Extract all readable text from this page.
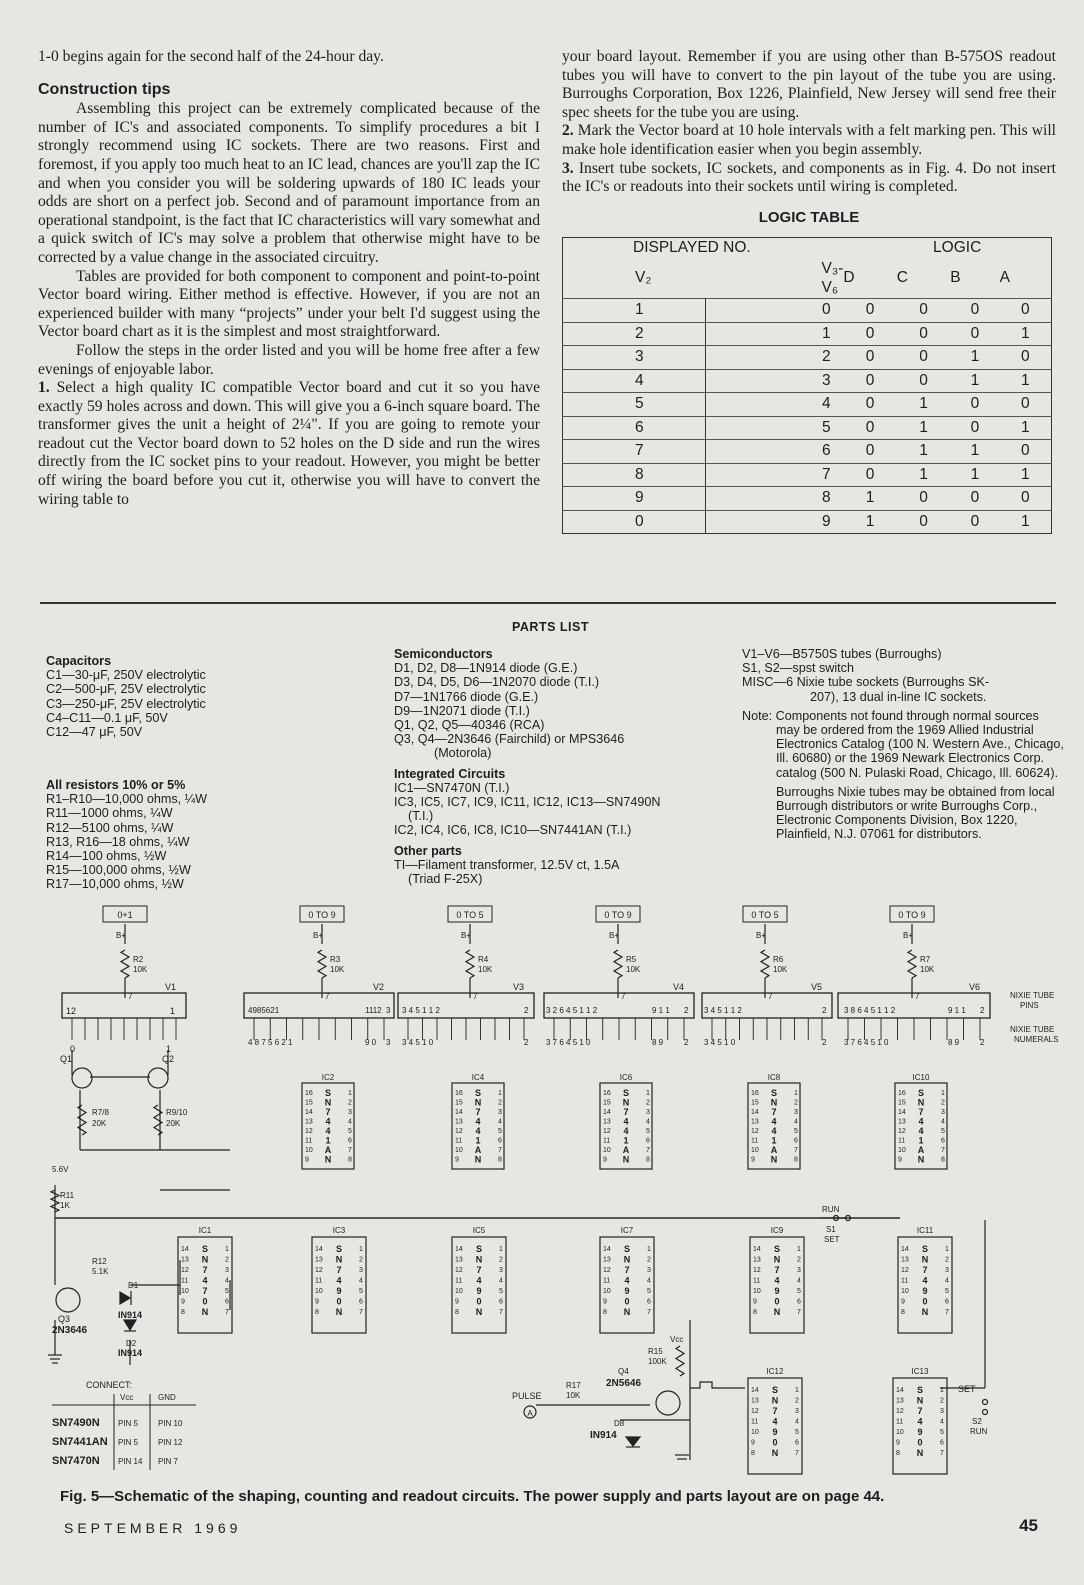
1-0 begins again for the second half of the 24-hour day.

Construction tips

Assembling this project can be extremely complicated because of the number of IC's and associated components. To simplify procedures a bit I strongly recommend using IC sockets. There are two reasons. First and foremost, if you apply too much heat to an IC lead, chances are you'll zap the IC and when you consider you will be soldering upwards of 180 IC leads your odds are short on a perfect job. Second and of paramount importance from an operational standpoint, is the fact that IC characteristics will vary somewhat and a quick switch of IC's may solve a problem that otherwise might have to be corrected by a value change in the associated circuitry.

Tables are provided for both component to component and point-to-point Vector board wiring. Either method is effective. However, if you are not an experienced builder with many “projects” under your belt I'd suggest using the Vector board chart as it is the simplest and most straightforward.

Follow the steps in the order listed and you will be home free after a few evenings of enjoyable labor.

1. Select a high quality IC compatible Vector board and cut it so you have exactly 59 holes across and down. This will give you a 6-inch square board. The transformer gives the unit a height of 2¼". If you are going to remote your readout cut the Vector board down to 52 holes on the D side and run the wires directly from the IC socket pins to your readout. However, you might be better off wiring the board before you cut it, otherwise you will have to convert the wiring table to

your board layout. Remember if you are using other than B-575OS readout tubes you will have to convert to the pin layout of the tube you are using. Burroughs Corporation, Box 1226, Plainfield, New Jersey will send free their spec sheets for the tube you are using.

2. Mark the Vector board at 10 hole intervals with a felt marking pen. This will make hole identification easier when you begin assembly.

3. Insert tube sockets, IC sockets, and components as in Fig. 4. Do not insert the IC's or readouts into their sockets until wiring is completed.

LOGIC TABLE
DISPLAYED NO.		LOGIC			
V₂	V₃-V₆	D	C	B	A
1	0	0	0	0	0
2	1	0	0	0	1
3	2	0	0	1	0
4	3	0	0	1	1
5	4	0	1	0	0
6	5	0	1	0	1
7	6	0	1	1	0
8	7	0	1	1	1
9	8	1	0	0	0
0	9	1	0	0	1
PARTS LIST
Capacitors
C1—30-μF, 250V electrolytic
C2—500-μF, 25V electrolytic
C3—250-μF, 25V electrolytic
C4–C11—0.1 μF, 50V
C12—47 μF, 50V
All resistors 10% or 5%
R1–R10—10,000 ohms, ¼W
R11—1000 ohms, ¼W
R12—5100 ohms, ¼W
R13, R16—18 ohms, ¼W
R14—100 ohms, ½W
R15—100,000 ohms, ½W
R17—10,000 ohms, ½W
Semiconductors
D1, D2, D8—1N914 diode (G.E.)
D3, D4, D5, D6—1N2070 diode (T.I.)
D7—1N1766 diode (G.E.)
D9—1N2071 diode (T.I.)
Q1, Q2, Q5—40346 (RCA)
Q3, Q4—2N3646 (Fairchild) or MPS3646
(Motorola)
Integrated Circuits
IC1—SN7470N (T.I.)
IC3, IC5, IC7, IC9, IC11, IC12, IC13—SN7490N
(T.I.)
IC2, IC4, IC6, IC8, IC10—SN7441AN (T.I.)
Other parts
TI—Filament transformer, 12.5V ct, 1.5A
(Triad F-25X)
V1–V6—B5750S tubes (Burroughs)
S1, S2—spst switch
MISC—6 Nixie tube sockets (Burroughs SK-
207), 13 dual in-line IC sockets.
Note: Components not found through normal sources may be ordered from the 1969 Allied Industrial Electronics Catalog (100 N. Western Ave., Chicago, Ill. 60680) or the 1969 Newark Electronics Corp. catalog (500 N. Pulaski Road, Chicago, Ill. 60624).
Burroughs Nixie tubes may be obtained from local Burrough distributors or write Burroughs Corp., Electronic Components Division, Box 1220, Plainfield, N.J. 07061 for distributors.
0+1
B+
R2
10K
7
V1
0 TO 9
B+
R3
10K
7
V2
0 TO 5
B+
R4
10K
7
V3
0 TO 9
B+
R5
10K
7
V4
0 TO 5
B+
R6
10K
7
V5
0 TO 9
B+
R7
10K
7
V6
12	1
0	1
4985621	1112 3 3 4 5 1 1 2	2 3 2 6 4 5 1 1 2	9 1 1 2 3 4 5 1 1 2	2 3 8 6 4 5 1 1 2	9 1 1 2
4 8 7 5 6 2 1	9 0 3 3 4 5 1 0	2 3 7 6 4 5 1 0	8 9	2 3 4 5 1 0	2 3 7 6 4 5 1 0	8 9	2
NIXIE TUBE
PINS
NIXIE TUBE
NUMERALS
Q1	Q2
R7/8
20K
R9/10
20K
5.6V
R11
1K
R12
5.1K
D1
IN914
Q3
2N3646
D2
IN914
IC2
S
N
7
4
4
1
A
N
16
15
14
13
12
11
10
9
1
2
3
4
5
6
7
8
IC4
S
N
7
4
4
1
A
N
16
15
14
13
12
11
10
9
1
2
3
4
5
6
7
8
IC6
S
N
7
4
4
1
A
N
16
15
14
13
12
11
10
9
1
2
3
4
5
6
7
8
IC8
S
N
7
4
4
1
A
N
16
15
14
13
12
11
10
9
1
2
3
4
5
6
7
8
IC10
S
N
7
4
4
1
A
N
16
15
14
13
12
11
10
9
1
2
3
4
5
6
7
8
IC1
S
N
7
4
7
0
N
14
13
12
11
10
9
8
1
2
3
4
5
6
7
IC3
S
N
7
4
9
0
N
14
13
12
11
10
9
8
1
2
3
4
5
6
7
IC5
S
N
7
4
9
0
N
14
13
12
11
10
9
8
1
2
3
4
5
6
7
IC7
S
N
7
4
9
0
N
14
13
12
11
10
9
8
1
2
3
4
5
6
7
IC9
S
N
7
4
9
0
N
14
13
12
11
10
9
8
1
2
3
4
5
6
7
IC11
S
N
7
4
9
0
N
14
13
12
11
10
9
8
1
2
3
4
5
6
7
RUN
S1
SET
Vcc
R15
100K
Q4
2N5646
R17
10K
PULSE
A
D8
IN914
IC12
S
N
7
4
9
0
N
14
13
12
11
10
9
8
1
2
3
4
5
6
7
IC13
S
N
7
4
9
0
N
14
13
12
11
10
9
8
1
2
3
4
5
6
7
SET
S2
RUN
CONNECT:
Vcc	GND
SN7490N PIN 5 PIN 10
SN7441AN PIN 5 PIN 12
SN7470N PIN 14 PIN 7
Fig. 5—Schematic of the shaping, counting and readout circuits. The power supply and parts layout are on page 44.
SEPTEMBER 1969	45
